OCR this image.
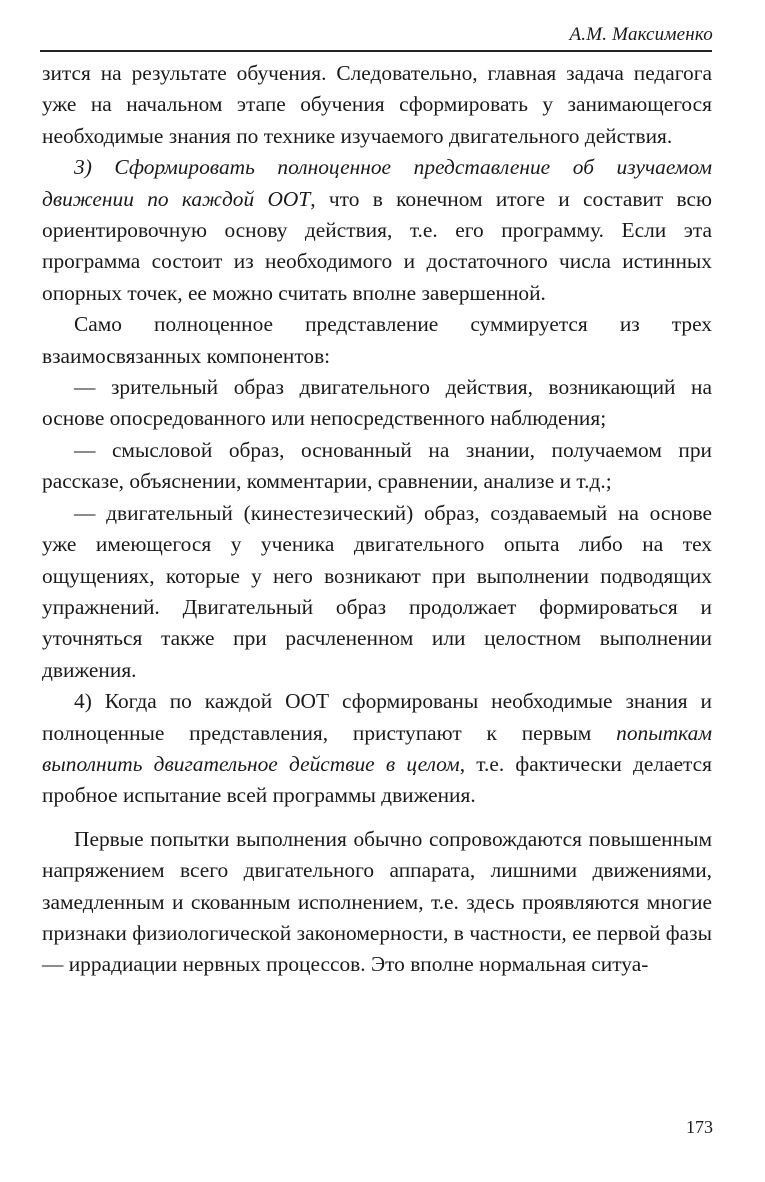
А.М. Максименко

зится на результате обучения. Следовательно, главная задача педагога уже на начальном этапе обучения сформировать у занимающегося необходимые знания по технике изучаемого двигательного действия.

3) Сформировать полноценное представление об изучаемом движении по каждой ООТ, что в конечном итоге и составит всю ориентировочную основу действия, т.е. его программу. Если эта программа состоит из необходимого и достаточного числа истинных опорных точек, ее можно считать вполне завершенной.

Само полноценное представление суммируется из трех взаимосвязанных компонентов:

— зрительный образ двигательного действия, возникающий на основе опосредованного или непосредственного наблюдения;

— смысловой образ, основанный на знании, получаемом при рассказе, объяснении, комментарии, сравнении, анализе и т.д.;

— двигательный (кинестезический) образ, создаваемый на основе уже имеющегося у ученика двигательного опыта либо на тех ощущениях, которые у него возникают при выполнении подводящих упражнений. Двигательный образ продолжает формироваться и уточняться также при расчлененном или целостном выполнении движения.

4) Когда по каждой ООТ сформированы необходимые знания и полноценные представления, приступают к первым попыткам выполнить двигательное действие в целом, т.е. фактически делается пробное испытание всей программы движения.

Первые попытки выполнения обычно сопровождаются повышенным напряжением всего двигательного аппарата, лишними движениями, замедленным и скованным исполнением, т.е. здесь проявляются многие признаки физиологической закономерности, в частности, ее первой фазы — иррадиации нервных процессов. Это вполне нормальная ситуа-

173
